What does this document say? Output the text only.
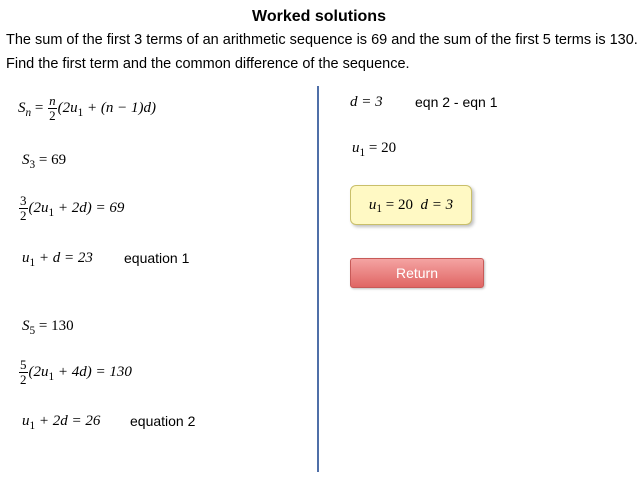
Worked solutions
The sum of the first 3 terms of an arithmetic sequence is 69 and the sum of the first 5 terms is 130.
Find the first term and the common difference of the sequence.
$S_n = \frac{n}{2} (2u_1 + (n - 1)d)$
$S_3 = 69$
$\frac{3}{2} (2u_1 + 2d) = 69$
$u_1 + d = 23$ equation 1
$S_5 = 130$
$\frac{5}{2} (2u_1 + 4d) = 130$
$u_1 + 2d = 26$ equation 2
d = 3 eqn 2 - eqn 1
$u_1 = 20$
$u_1 = 20$ d = 3
Return
